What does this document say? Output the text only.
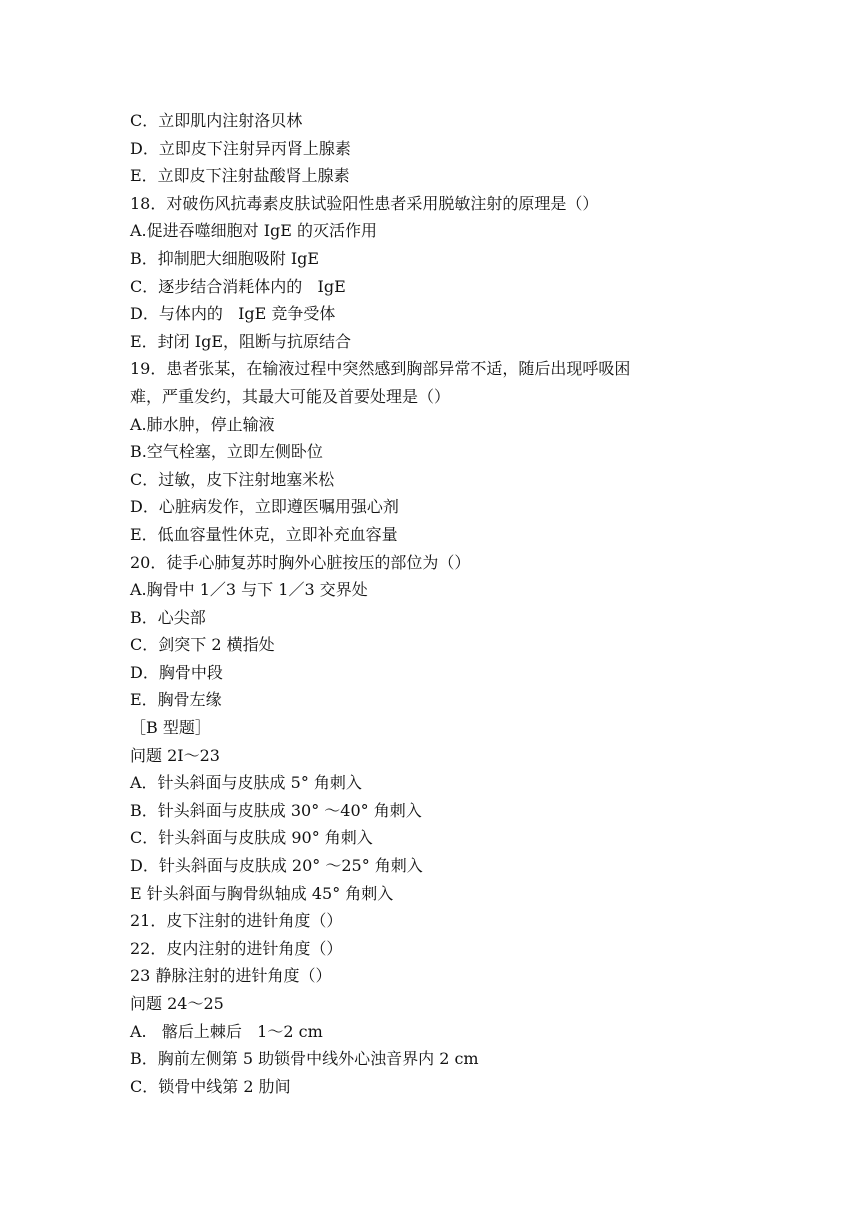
C．立即肌内注射洛贝林

D．立即皮下注射异丙肾上腺素

E．立即皮下注射盐酸肾上腺素

18．对破伤风抗毒素皮肤试验阳性患者采用脱敏注射的原理是（）

A.促进吞噬细胞对 IgE 的灭活作用

B．抑制肥大细胞吸附 IgE

C．逐步结合消耗体内的   IgE

D．与体内的   IgE 竞争受体

E．封闭 IgE，阻断与抗原结合

19．患者张某，在输液过程中突然感到胸部异常不适，随后出现呼吸困

难，严重发约，其最大可能及首要处理是（）

A.肺水肿，停止输液

B.空气栓塞，立即左侧卧位

C．过敏，皮下注射地塞米松

D．心脏病发作，立即遵医嘱用强心剂

E．低血容量性休克，立即补充血容量

20．徒手心肺复苏时胸外心脏按压的部位为（）

A.胸骨中 1／3 与下 1／3 交界处

B．心尖部

C．剑突下 2 横指处

D．胸骨中段

E．胸骨左缘

［B 型题］

问题 2I～23

A．针头斜面与皮肤成 5° 角刺入

B．针头斜面与皮肤成 30° ～40° 角刺入

C．针头斜面与皮肤成 90° 角刺入

D．针头斜面与皮肤成 20° ～25° 角刺入

E 针头斜面与胸骨纵轴成 45° 角刺入

21．皮下注射的进针角度（）

22．皮内注射的进针角度（）

23 静脉注射的进针角度（）

问题 24～25

A.   髂后上棘后   1～2 cm

B．胸前左侧第 5 助锁骨中线外心浊音界内 2 cm

C．锁骨中线第 2 肋间
